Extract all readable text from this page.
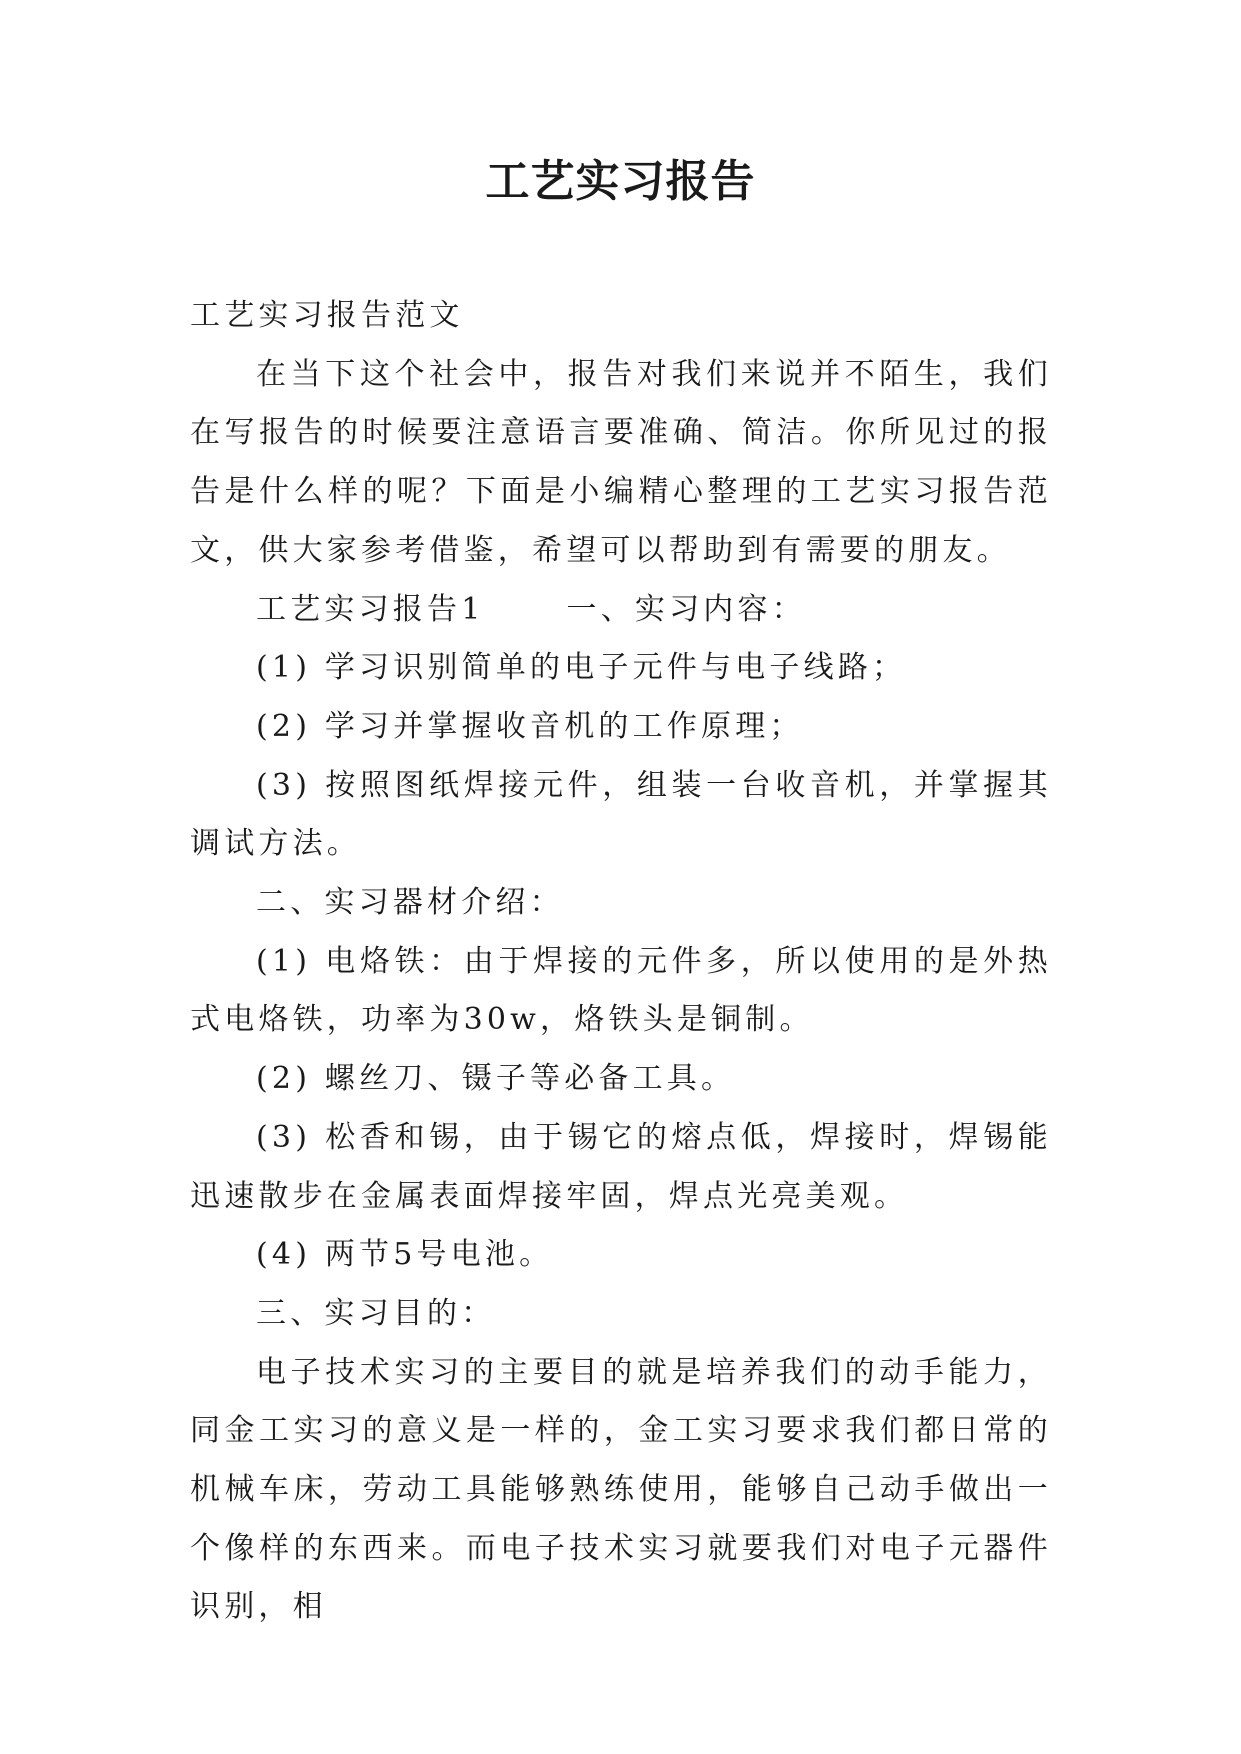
工艺实习报告

工艺实习报告范文

在当下这个社会中，报告对我们来说并不陌生，我们在写报告的时候要注意语言要准确、简洁。你所见过的报告是什么样的呢？下面是小编精心整理的工艺实习报告范文，供大家参考借鉴，希望可以帮助到有需要的朋友。

工艺实习报告1	一、实习内容：

(1) 学习识别简单的电子元件与电子线路；

(2) 学习并掌握收音机的工作原理；

(3) 按照图纸焊接元件，组装一台收音机，并掌握其调试方法。

二、实习器材介绍：

(1) 电烙铁：由于焊接的元件多，所以使用的是外热式电烙铁，功率为30w，烙铁头是铜制。

(2) 螺丝刀、镊子等必备工具。

(3) 松香和锡，由于锡它的熔点低，焊接时，焊锡能迅速散步在金属表面焊接牢固，焊点光亮美观。

(4) 两节5号电池。

三、实习目的：

电子技术实习的主要目的就是培养我们的动手能力，同金工实习的意义是一样的，金工实习要求我们都日常的机械车床，劳动工具能够熟练使用，能够自己动手做出一个像样的东西来。而电子技术实习就要我们对电子元器件识别，相
